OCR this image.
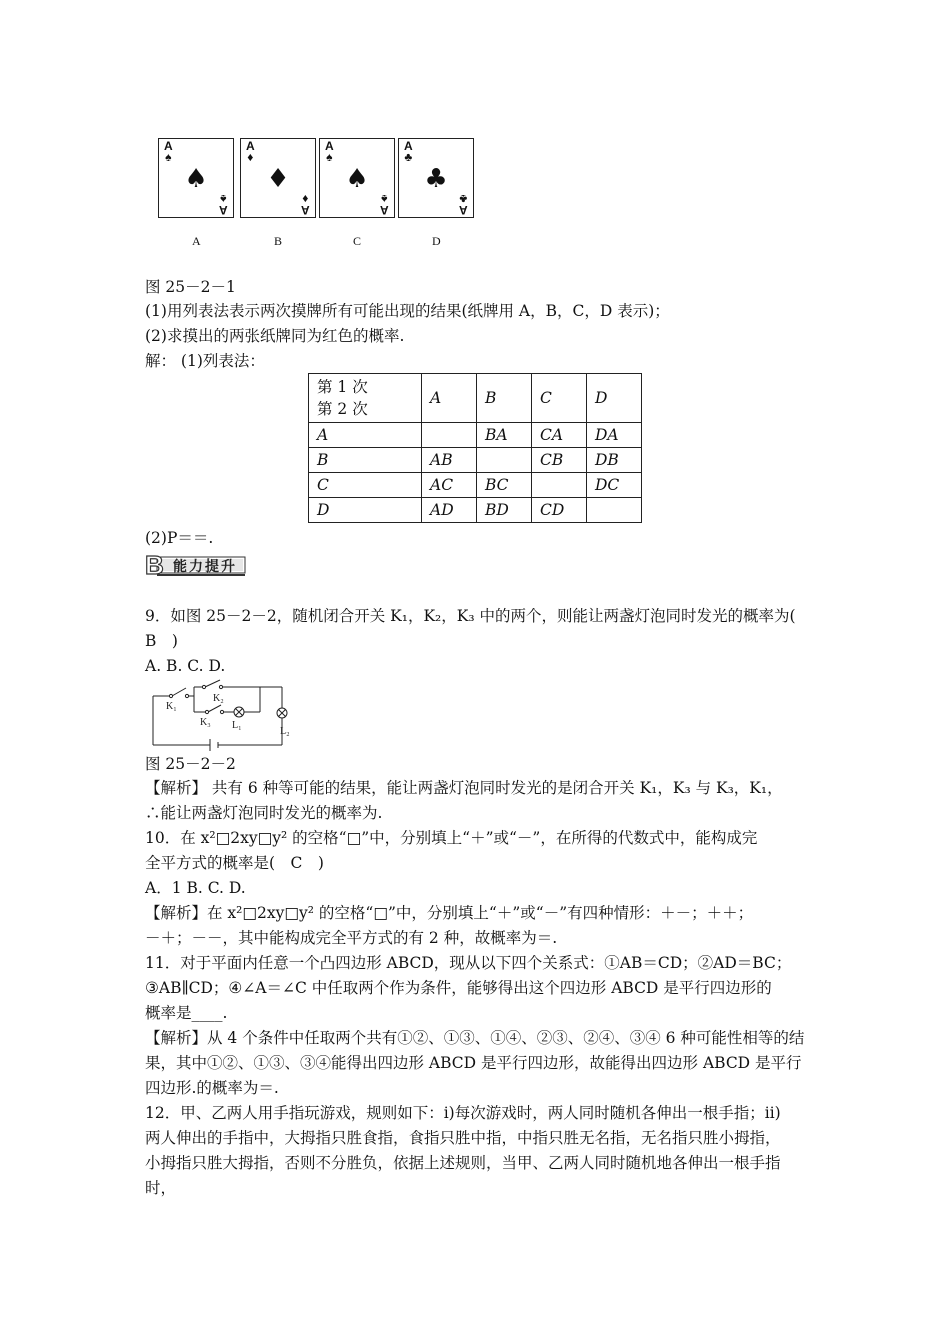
A
♠
♠
A
♠
A
♦
♦
A
♦
A
♠
♠
A
♠
A
♣
♣
A
♣
A	B	C	D
图 25－2－1
(1)用列表法表示两次摸牌所有可能出现的结果(纸牌用 A，B，C，D 表示)；
(2)求摸出的两张纸牌同为红色的概率.
解： (1)列表法：
第 1 次
第 2 次	A	B	C	D
A		BA	CA	DA
B	AB		CB	DB
C	AC	BC		DC
D	AD	BD	CD	
(2)P＝＝.
B 能力提升
9．如图 25－2－2，随机闭合开关 K₁，K₂，K₃ 中的两个，则能让两盏灯泡同时发光的概率为(
B　)
A. B. C. D.
K₁
K₂
K₃ L₁
L₂
图 25－2－2
【解析】 共有 6 种等可能的结果，能让两盏灯泡同时发光的是闭合开关 K₁，K₃ 与 K₃，K₁，
∴能让两盏灯泡同时发光的概率为.
10．在 x²□2xy□y² 的空格“□”中，分别填上“＋”或“－”，在所得的代数式中，能构成完
全平方式的概率是(　C　)
A．1 B. C. D.
【解析】在 x²□2xy□y² 的空格“□”中，分别填上“＋”或“－”有四种情形：＋－；＋＋；
－＋；－－，其中能构成完全平方式的有 2 种，故概率为＝.
11．对于平面内任意一个凸四边形 ABCD，现从以下四个关系式：①AB＝CD；②AD＝BC；
③AB∥CD；④∠A＝∠C 中任取两个作为条件，能够得出这个四边形 ABCD 是平行四边形的
概率是____.
【解析】从 4 个条件中任取两个共有①②、①③、①④、②③、②④、③④ 6 种可能性相等的结
果，其中①②、①③、③④能得出四边形 ABCD 是平行四边形，故能得出四边形 ABCD 是平行
四边形.的概率为＝.
12．甲、乙两人用手指玩游戏，规则如下：ⅰ)每次游戏时，两人同时随机各伸出一根手指；ⅱ)
两人伸出的手指中，大拇指只胜食指，食指只胜中指，中指只胜无名指，无名指只胜小拇指，
小拇指只胜大拇指，否则不分胜负，依据上述规则，当甲、乙两人同时随机地各伸出一根手指
时，
